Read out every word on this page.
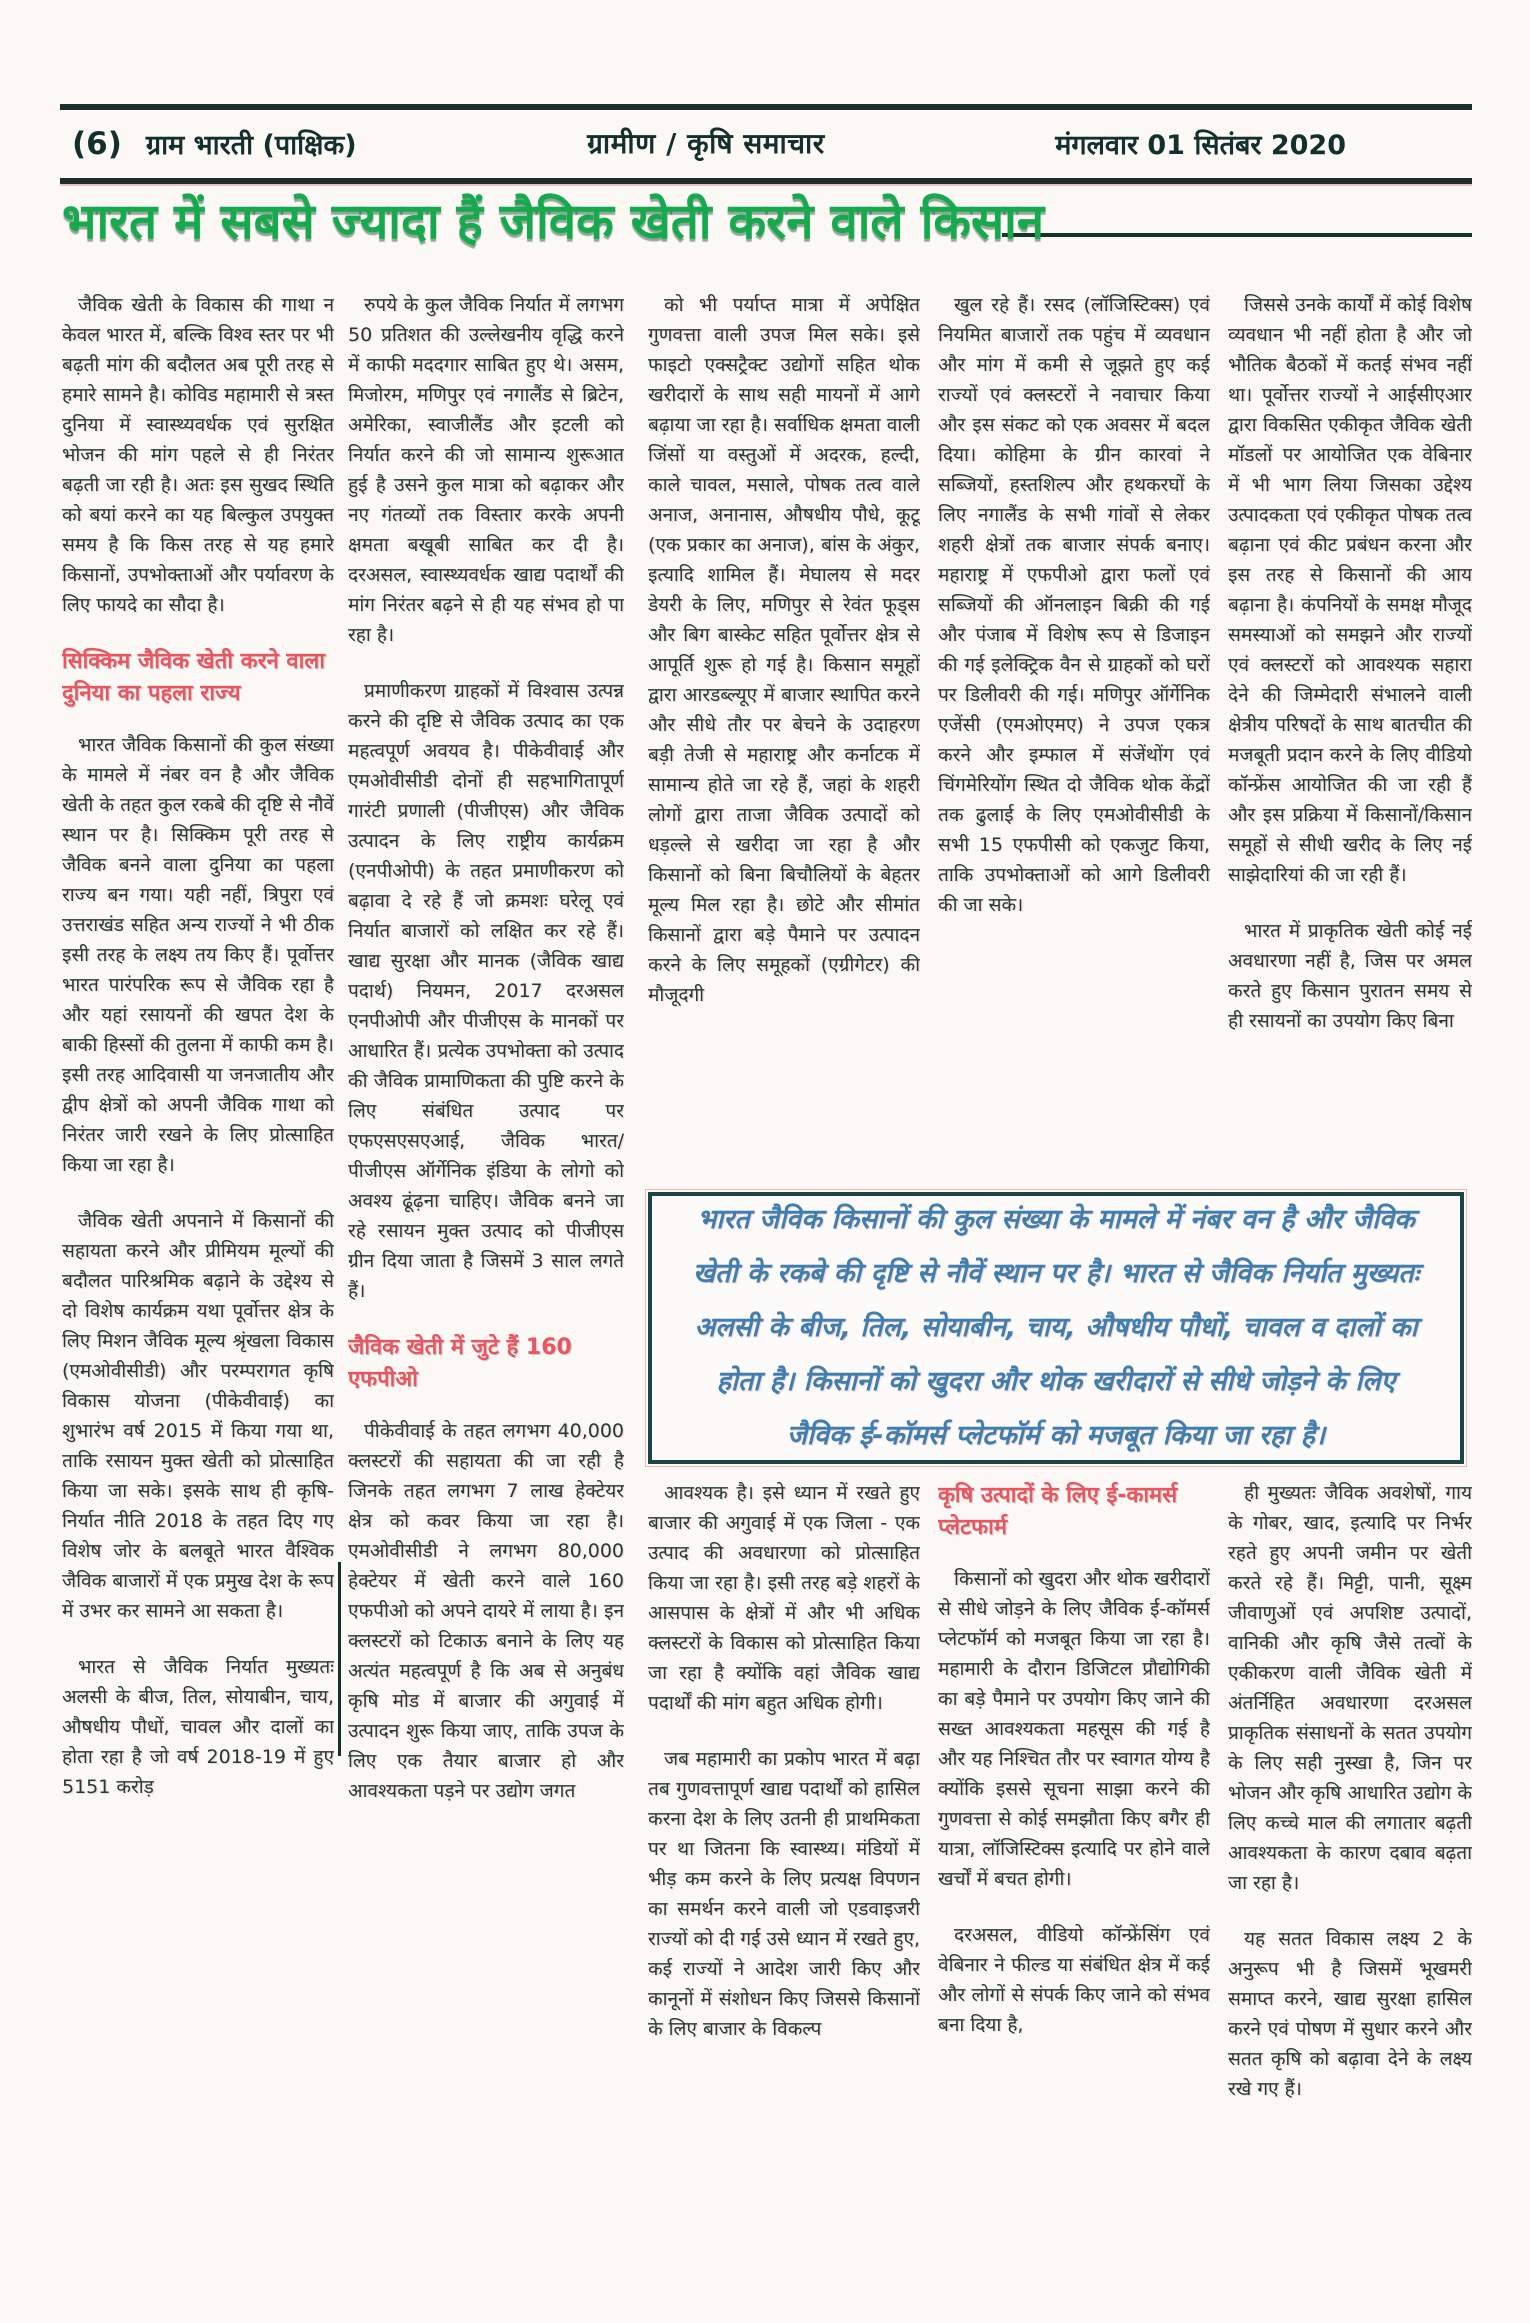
(6) ग्राम भारती (पाक्षिक)	ग्रामीण / कृषि समाचार	मंगलवार 01 सितंबर 2020
भारत में सबसे ज्यादा हैं जैविक खेती करने वाले किसान

जैविक खेती के विकास की गाथा न केवल भारत में, बल्कि विश्व स्तर पर भी बढ़ती मांग की बदौलत अब पूरी तरह से हमारे सामने है। कोविड महामारी से त्रस्त दुनिया में स्वास्थ्यवर्धक एवं सुरक्षित भोजन की मांग पहले से ही निरंतर बढ़ती जा रही है। अतः इस सुखद स्थिति को बयां करने का यह बिल्कुल उपयुक्त समय है कि किस तरह से यह हमारे किसानों, उपभोक्ताओं और पर्यावरण के लिए फायदे का सौदा है।

सिक्किम जैविक खेती करने वाला दुनिया का पहला राज्य

भारत जैविक किसानों की कुल संख्या के मामले में नंबर वन है और जैविक खेती के तहत कुल रकबे की दृष्टि से नौवें स्थान पर है। सिक्किम पूरी तरह से जैविक बनने वाला दुनिया का पहला राज्य बन गया। यही नहीं, त्रिपुरा एवं उत्तराखंड सहित अन्य राज्यों ने भी ठीक इसी तरह के लक्ष्य तय किए हैं। पूर्वोत्तर भारत पारंपरिक रूप से जैविक रहा है और यहां रसायनों की खपत देश के बाकी हिस्सों की तुलना में काफी कम है। इसी तरह आदिवासी या जनजातीय और द्वीप क्षेत्रों को अपनी जैविक गाथा को निरंतर जारी रखने के लिए प्रोत्साहित किया जा रहा है।

जैविक खेती अपनाने में किसानों की सहायता करने और प्रीमियम मूल्यों की बदौलत पारिश्रमिक बढ़ाने के उद्देश्य से दो विशेष कार्यक्रम यथा पूर्वोत्तर क्षेत्र के लिए मिशन जैविक मूल्य श्रृंखला विकास (एमओवीसीडी) और परम्परागत कृषि विकास योजना (पीकेवीवाई) का शुभारंभ वर्ष 2015 में किया गया था, ताकि रसायन मुक्त खेती को प्रोत्साहित किया जा सके। इसके साथ ही कृषि-निर्यात नीति 2018 के तहत दिए गए विशेष जोर के बलबूते भारत वैश्विक जैविक बाजारों में एक प्रमुख देश के रूप में उभर कर सामने आ सकता है।

भारत से जैविक निर्यात मुख्यतः अलसी के बीज, तिल, सोयाबीन, चाय, औषधीय पौधों, चावल और दालों का होता रहा है जो वर्ष 2018-19 में हुए 5151 करोड़

रुपये के कुल जैविक निर्यात में लगभग 50 प्रतिशत की उल्लेखनीय वृद्धि करने में काफी मददगार साबित हुए थे। असम, मिजोरम, मणिपुर एवं नगालैंड से ब्रिटेन, अमेरिका, स्वाजीलैंड और इटली को निर्यात करने की जो सामान्य शुरूआत हुई है उसने कुल मात्रा को बढ़ाकर और नए गंतव्यों तक विस्तार करके अपनी क्षमता बखूबी साबित कर दी है। दरअसल, स्वास्थ्यवर्धक खाद्य पदार्थों की मांग निरंतर बढ़ने से ही यह संभव हो पा रहा है।

प्रमाणीकरण ग्राहकों में विश्वास उत्पन्न करने की दृष्टि से जैविक उत्पाद का एक महत्वपूर्ण अवयव है। पीकेवीवाई और एमओवीसीडी दोनों ही सहभागितापूर्ण गारंटी प्रणाली (पीजीएस) और जैविक उत्पादन के लिए राष्ट्रीय कार्यक्रम (एनपीओपी) के तहत प्रमाणीकरण को बढ़ावा दे रहे हैं जो क्रमशः घरेलू एवं निर्यात बाजारों को लक्षित कर रहे हैं। खाद्य सुरक्षा और मानक (जैविक खाद्य पदार्थ) नियमन, 2017 दरअसल एनपीओपी और पीजीएस के मानकों पर आधारित हैं। प्रत्येक उपभोक्ता को उत्पाद की जैविक प्रामाणिकता की पुष्टि करने के लिए संबंधित उत्पाद पर एफएसएसएआई, जैविक भारत/ पीजीएस ऑर्गेनिक इंडिया के लोगो को अवश्य ढूंढ़ना चाहिए। जैविक बनने जा रहे रसायन मुक्त उत्पाद को पीजीएस ग्रीन दिया जाता है जिसमें 3 साल लगते हैं।

जैविक खेती में जुटे हैं 160 एफपीओ

पीकेवीवाई के तहत लगभग 40,000 क्लस्टरों की सहायता की जा रही है जिनके तहत लगभग 7 लाख हेक्टेयर क्षेत्र को कवर किया जा रहा है। एमओवीसीडी ने लगभग 80,000 हेक्टेयर में खेती करने वाले 160 एफपीओ को अपने दायरे में लाया है। इन क्लस्टरों को टिकाऊ बनाने के लिए यह अत्यंत महत्वपूर्ण है कि अब से अनुबंध कृषि मोड में बाजार की अगुवाई में उत्पादन शुरू किया जाए, ताकि उपज के लिए एक तैयार बाजार हो और आवश्यकता पड़ने पर उद्योग जगत

को भी पर्याप्त मात्रा में अपेक्षित गुणवत्ता वाली उपज मिल सके। इसे फाइटो एक्सट्रैक्ट उद्योगों सहित थोक खरीदारों के साथ सही मायनों में आगे बढ़ाया जा रहा है। सर्वाधिक क्षमता वाली जिंसों या वस्तुओं में अदरक, हल्दी, काले चावल, मसाले, पोषक तत्व वाले अनाज, अनानास, औषधीय पौधे, कूटू (एक प्रकार का अनाज), बांस के अंकुर, इत्यादि शामिल हैं। मेघालय से मदर डेयरी के लिए, मणिपुर से रेवंत फूड्स और बिग बास्केट सहित पूर्वोत्तर क्षेत्र से आपूर्ति शुरू हो गई है। किसान समूहों द्वारा आरडब्ल्यूए में बाजार स्थापित करने और सीधे तौर पर बेचने के उदाहरण बड़ी तेजी से महाराष्ट्र और कर्नाटक में सामान्य होते जा रहे हैं, जहां के शहरी लोगों द्वारा ताजा जैविक उत्पादों को धड़ल्ले से खरीदा जा रहा है और किसानों को बिना बिचौलियों के बेहतर मूल्य मिल रहा है। छोटे और सीमांत किसानों द्वारा बड़े पैमाने पर उत्पादन करने के लिए समूहकों (एग्रीगेटर) की मौजूदगी

खुल रहे हैं। रसद (लॉजिस्टिक्स) एवं नियमित बाजारों तक पहुंच में व्यवधान और मांग में कमी से जूझते हुए कई राज्यों एवं क्लस्टरों ने नवाचार किया और इस संकट को एक अवसर में बदल दिया। कोहिमा के ग्रीन कारवां ने सब्जियों, हस्तशिल्प और हथकरघों के लिए नगालैंड के सभी गांवों से लेकर शहरी क्षेत्रों तक बाजार संपर्क बनाए। महाराष्ट्र में एफपीओ द्वारा फलों एवं सब्जियों की ऑनलाइन बिक्री की गई और पंजाब में विशेष रूप से डिजाइन की गई इलेक्ट्रिक वैन से ग्राहकों को घरों पर डिलीवरी की गई। मणिपुर ऑर्गेनिक एजेंसी (एमओएमए) ने उपज एकत्र करने और इम्फाल में संजेंथोंग एवं चिंगमेरियोंग स्थित दो जैविक थोक केंद्रों तक ढुलाई के लिए एमओवीसीडी के सभी 15 एफपीसी को एकजुट किया, ताकि उपभोक्ताओं को आगे डिलीवरी की जा सके।

जिससे उनके कार्यों में कोई विशेष व्यवधान भी नहीं होता है और जो भौतिक बैठकों में कतई संभव नहीं था। पूर्वोत्तर राज्यों ने आईसीएआर द्वारा विकसित एकीकृत जैविक खेती मॉडलों पर आयोजित एक वेबिनार में भी भाग लिया जिसका उद्देश्य उत्पादकता एवं एकीकृत पोषक तत्व बढ़ाना एवं कीट प्रबंधन करना और इस तरह से किसानों की आय बढ़ाना है। कंपनियों के समक्ष मौजूद समस्याओं को समझने और राज्यों एवं क्लस्टरों को आवश्यक सहारा देने की जिम्मेदारी संभालने वाली क्षेत्रीय परिषदों के साथ बातचीत की मजबूती प्रदान करने के लिए वीडियो कॉन्फ्रेंस आयोजित की जा रही हैं और इस प्रक्रिया में किसानों/किसान समूहों से सीधी खरीद के लिए नई साझेदारियां की जा रही हैं।

भारत में प्राकृतिक खेती कोई नई अवधारणा नहीं है, जिस पर अमल करते हुए किसान पुरातन समय से ही रसायनों का उपयोग किए बिना

भारत जैविक किसानों की कुल संख्या के मामले में नंबर वन है और जैविक खेती के रकबे की दृष्टि से नौवें स्थान पर है। भारत से जैविक निर्यात मुख्यतः अलसी के बीज, तिल, सोयाबीन, चाय, औषधीय पौधों, चावल व दालों का होता है। किसानों को खुदरा और थोक खरीदारों से सीधे जोड़ने के लिए जैविक ई-कॉमर्स प्लेटफॉर्म को मजबूत किया जा रहा है।

आवश्यक है। इसे ध्यान में रखते हुए बाजार की अगुवाई में एक जिला - एक उत्पाद की अवधारणा को प्रोत्साहित किया जा रहा है। इसी तरह बड़े शहरों के आसपास के क्षेत्रों में और भी अधिक क्लस्टरों के विकास को प्रोत्साहित किया जा रहा है क्योंकि वहां जैविक खाद्य पदार्थों की मांग बहुत अधिक होगी।

जब महामारी का प्रकोप भारत में बढ़ा तब गुणवत्तापूर्ण खाद्य पदार्थों को हासिल करना देश के लिए उतनी ही प्राथमिकता पर था जितना कि स्वास्थ्य। मंडियों में भीड़ कम करने के लिए प्रत्यक्ष विपणन का समर्थन करने वाली जो एडवाइजरी राज्यों को दी गई उसे ध्यान में रखते हुए, कई राज्यों ने आदेश जारी किए और कानूनों में संशोधन किए जिससे किसानों के लिए बाजार के विकल्प

कृषि उत्पादों के लिए ई-कामर्स प्लेटफार्म

किसानों को खुदरा और थोक खरीदारों से सीधे जोड़ने के लिए जैविक ई-कॉमर्स प्लेटफॉर्म को मजबूत किया जा रहा है। महामारी के दौरान डिजिटल प्रौद्योगिकी का बड़े पैमाने पर उपयोग किए जाने की सख्त आवश्यकता महसूस की गई है और यह निश्चित तौर पर स्वागत योग्य है क्योंकि इससे सूचना साझा करने की गुणवत्ता से कोई समझौता किए बगैर ही यात्रा, लॉजिस्टिक्स इत्यादि पर होने वाले खर्चों में बचत होगी।

दरअसल, वीडियो कॉन्फ्रेंसिंग एवं वेबिनार ने फील्ड या संबंधित क्षेत्र में कई और लोगों से संपर्क किए जाने को संभव बना दिया है,

ही मुख्यतः जैविक अवशेषों, गाय के गोबर, खाद, इत्यादि पर निर्भर रहते हुए अपनी जमीन पर खेती करते रहे हैं। मिट्टी, पानी, सूक्ष्म जीवाणुओं एवं अपशिष्ट उत्पादों, वानिकी और कृषि जैसे तत्वों के एकीकरण वाली जैविक खेती में अंतर्निहित अवधारणा दरअसल प्राकृतिक संसाधनों के सतत उपयोग के लिए सही नुस्खा है, जिन पर भोजन और कृषि आधारित उद्योग के लिए कच्चे माल की लगातार बढ़ती आवश्यकता के कारण दबाव बढ़ता जा रहा है।

यह सतत विकास लक्ष्य 2 के अनुरूप भी है जिसमें भूखमरी समाप्त करने, खाद्य सुरक्षा हासिल करने एवं पोषण में सुधार करने और सतत कृषि को बढ़ावा देने के लक्ष्य रखे गए हैं।
